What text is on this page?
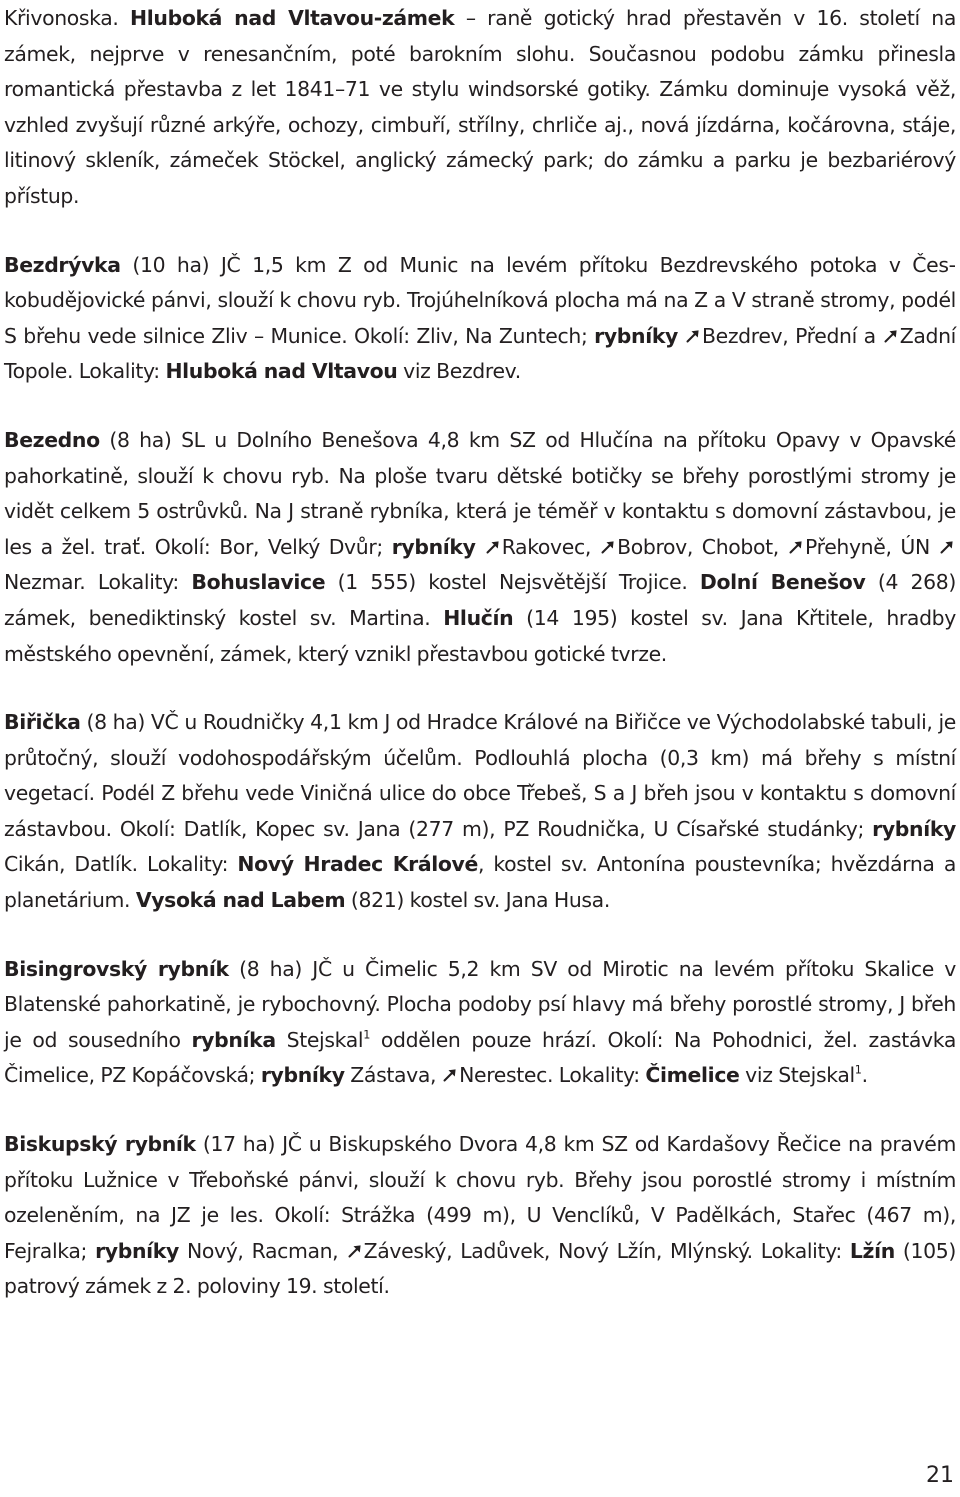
Křivonoska. Hluboká nad Vltavou-zámek – raně gotický hrad přestavěn v 16. století na zámek, nejprve v renesančním, poté barokním slohu. Současnou podobu zámku přinesla romantická přestavba z let 1841–71 ve stylu windsorské gotiky. Zámku dominuje vysoká věž, vzhled zvyšují různé arkýře, ochozy, cimbuří, střílny, chrliče aj., nová jízdárna, kočárovna, stáje, litinový skleník, zámeček Stöckel, anglický zámecký park; do zámku a parku je bezbariérový přístup.

Bezdrývka (10 ha) JČ 1,5 km Z od Munic na levém přítoku Bezdrevského potoka v Českobudějovické pánvi, slouží k chovu ryb. Trojúhelníková plocha má na Z a V straně stromy, podél S břehu vede silnice Zliv – Munice. Okolí: Zliv, Na Zuntech; rybníky Bezdrev, Přední a Zadní Topole. Lokality: Hluboká nad Vltavou viz Bezdrev.

Bezedno (8 ha) SL u Dolního Benešova 4,8 km SZ od Hlučína na přítoku Opavy v Opavské pahorkatině, slouží k chovu ryb. Na ploše tvaru dětské botičky se břehy porostlými stromy je vidět celkem 5 ostrůvků. Na J straně rybníka, která je téměř v kontaktu s domovní zástavbou, je les a žel. trať. Okolí: Bor, Velký Dvůr; rybníky Rakovec, Bobrov, Chobot, Přehyně, ÚN Nezmar. Lokality: Bohuslavice (1 555) kostel Nejsvětější Trojice. Dolní Benešov (4 268) zámek, benediktinský kostel sv. Martina. Hlučín (14 195) kostel sv. Jana Křtitele, hradby městského opevnění, zámek, který vznikl přestavbou gotické tvrze.

Biřička (8 ha) VČ u Roudničky 4,1 km J od Hradce Králové na Biřičce ve Východolabské tabuli, je průtočný, slouží vodohospodářským účelům. Podlouhlá plocha (0,3 km) má břehy s místní vegetací. Podél Z břehu vede Viničná ulice do obce Třebeš, S a J břeh jsou v kontaktu s domovní zástavbou. Okolí: Datlík, Kopec sv. Jana (277 m), PZ Roudnička, U Císařské studánky; rybníky Cikán, Datlík. Lokality: Nový Hradec Králové, kostel sv. Antonína poustevníka; hvězdárna a planetárium. Vysoká nad Labem (821) kostel sv. Jana Husa.

Bisingrovský rybník (8 ha) JČ u Čimelic 5,2 km SV od Mirotic na levém přítoku Skalice v Blatenské pahorkatině, je rybochovný. Plocha podoby psí hlavy má břehy porostlé stromy, J břeh je od sousedního rybníka Stejskal$^1$ oddělen pouze hrází. Okolí: Na Pohodnici, žel. zastávka Čimelice, PZ Kopáčovská; rybníky Zástava, Nerestec. Lokality: Čimelice viz Stejskal$^1$.

Biskupský rybník (17 ha) JČ u Biskupského Dvora 4,8 km SZ od Kardašovy Řečice na pravém přítoku Lužnice v Třeboňské pánvi, slouží k chovu ryb. Břehy jsou porostlé stromy i místním ozeleněním, na JZ je les. Okolí: Strážka (499 m), U Venclíků, V Padělkách, Stařec (467 m), Fejralka; rybníky Nový, Racman, Záveský, Ladůvek, Nový Lžín, Mlýnský. Lokality: Lžín (105) patrový zámek z 2. poloviny 19. století.

21
